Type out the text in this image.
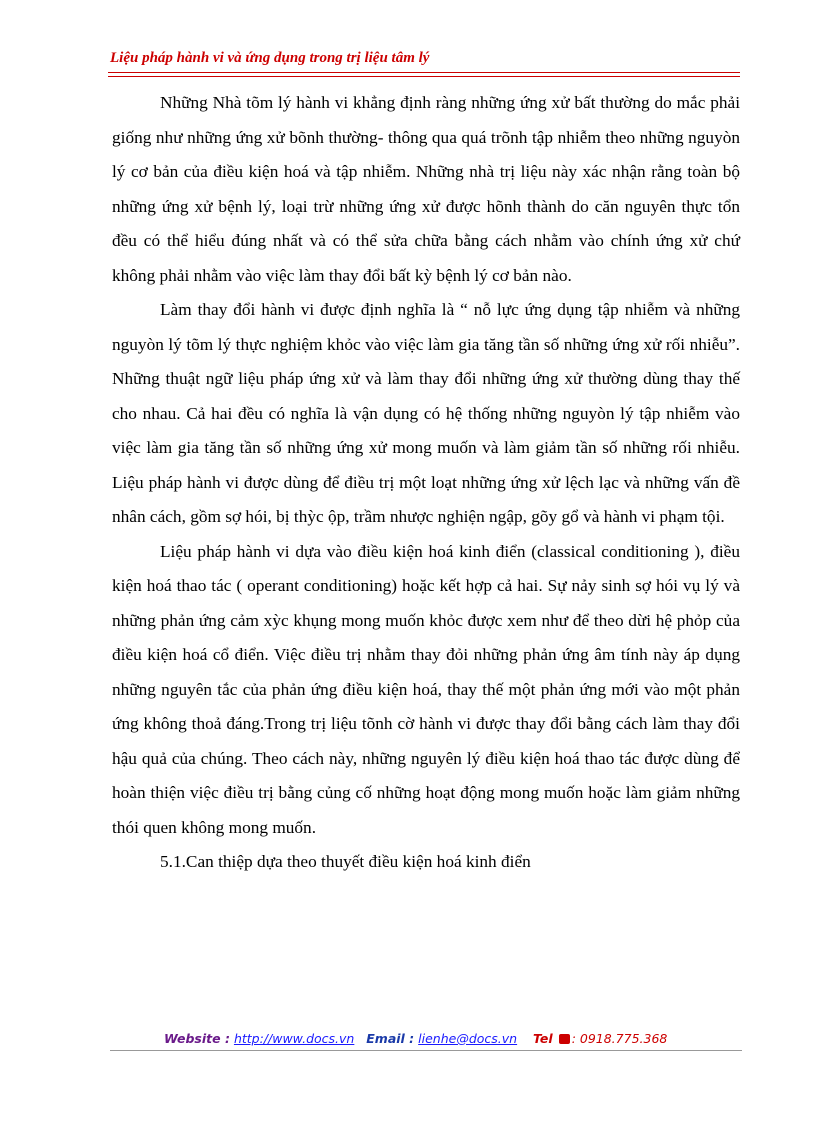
Liệu pháp hành vi và ứng dụng trong trị liệu tâm lý

Những Nhà tõm lý hành vi khẳng định ràng những ứng xử bất thường do mắc phải giống như những ứng xử bõnh thường- thông qua quá trõnh tập nhiễm theo những nguyòn lý cơ bản của điều kiện hoá và tập nhiễm. Những nhà trị liệu này xác nhận rằng toàn bộ những ứng xử bệnh lý, loại trừ những ứng xử được hõnh thành do căn nguyên thực tổn đều có thể hiểu đúng nhất và có thể sửa chữa bằng cách nhằm vào chính ứng xử chứ không phải nhằm vào việc làm thay đổi bất kỳ bệnh lý cơ bản nào.

Làm thay đổi hành vi được định nghĩa là “ nỗ lực ứng dụng tập nhiễm và những nguyòn lý tõm lý thực nghiệm khỏc vào việc làm gia tăng tần số những ứng xử rối nhiễu”. Những thuật ngữ liệu pháp ứng xử và làm thay đổi những ứng xử thường dùng thay thế cho nhau. Cả hai đều có nghĩa là vận dụng có hệ thống những nguyòn lý tập nhiễm vào việc làm gia tăng tần số những ứng xử mong muốn và làm giảm tần số những rối nhiễu. Liệu pháp hành vi được dùng để điều trị một loạt những ứng xử lệch lạc và những vấn đề nhân cách, gồm sợ hói, bị thỳc ộp, trầm nhược nghiện ngập, gõy gổ và hành vi phạm tội.

Liệu pháp hành vi dựa vào điều kiện hoá kinh điển (classical conditioning ), điều kiện hoá thao tác ( operant conditioning) hoặc kết hợp cả hai. Sự nảy sinh sợ hói vụ lý và những phản ứng cảm xỳc khụng mong muốn khỏc được xem như để theo dừi hệ phỏp của điều kiện hoá cổ điển. Việc điều trị nhằm thay đỏi những phản ứng âm tính này áp dụng những nguyên tắc của phản ứng điều kiện hoá, thay thế một phản ứng mới vào một phản ứng không thoả đáng.Trong trị liệu tõnh cờ hành vi được thay đổi bằng cách làm thay đổi hậu quả của chúng. Theo cách này, những nguyên lý điều kiện hoá thao tác được dùng để hoàn thiện việc điều trị bằng củng cố những hoạt động mong muốn hoặc làm giảm những thói quen không mong muốn.

5.1.Can thiệp dựa theo thuyết điều kiện hoá kinh điển

Website : http://www.docs.vn Email : lienhe@docs.vn Tel : 0918.775.368
